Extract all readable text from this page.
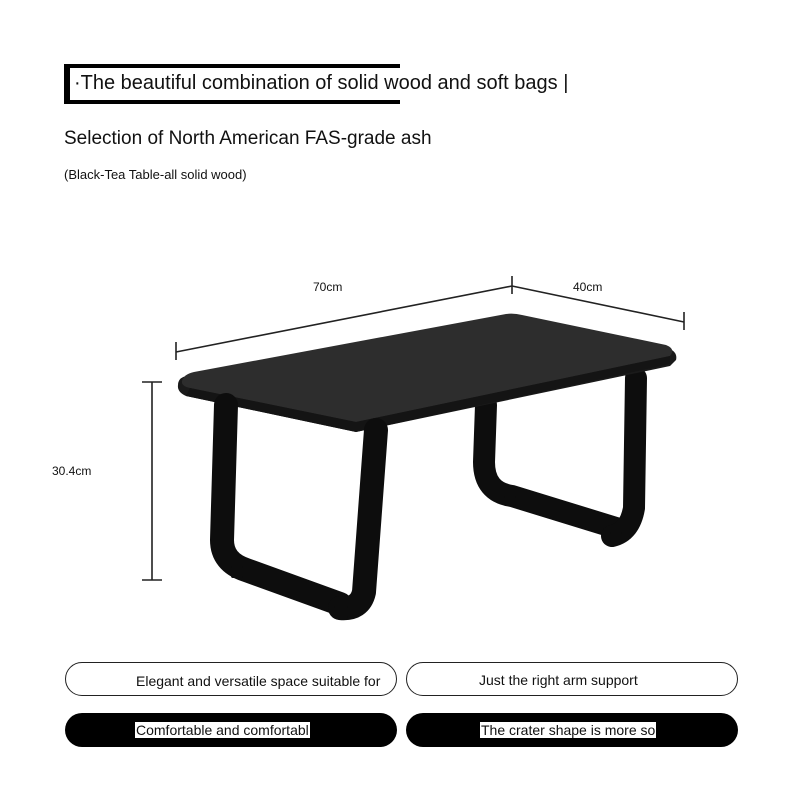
·The beautiful combination of solid wood and soft bags |
Selection of North American FAS-grade ash
(Black-Tea Table-all solid wood)
70cm	40cm
30.4cm
Elegant and versatile space suitable for	Just the right arm support
Comfortable and comfortabl	The crater shape is more so
